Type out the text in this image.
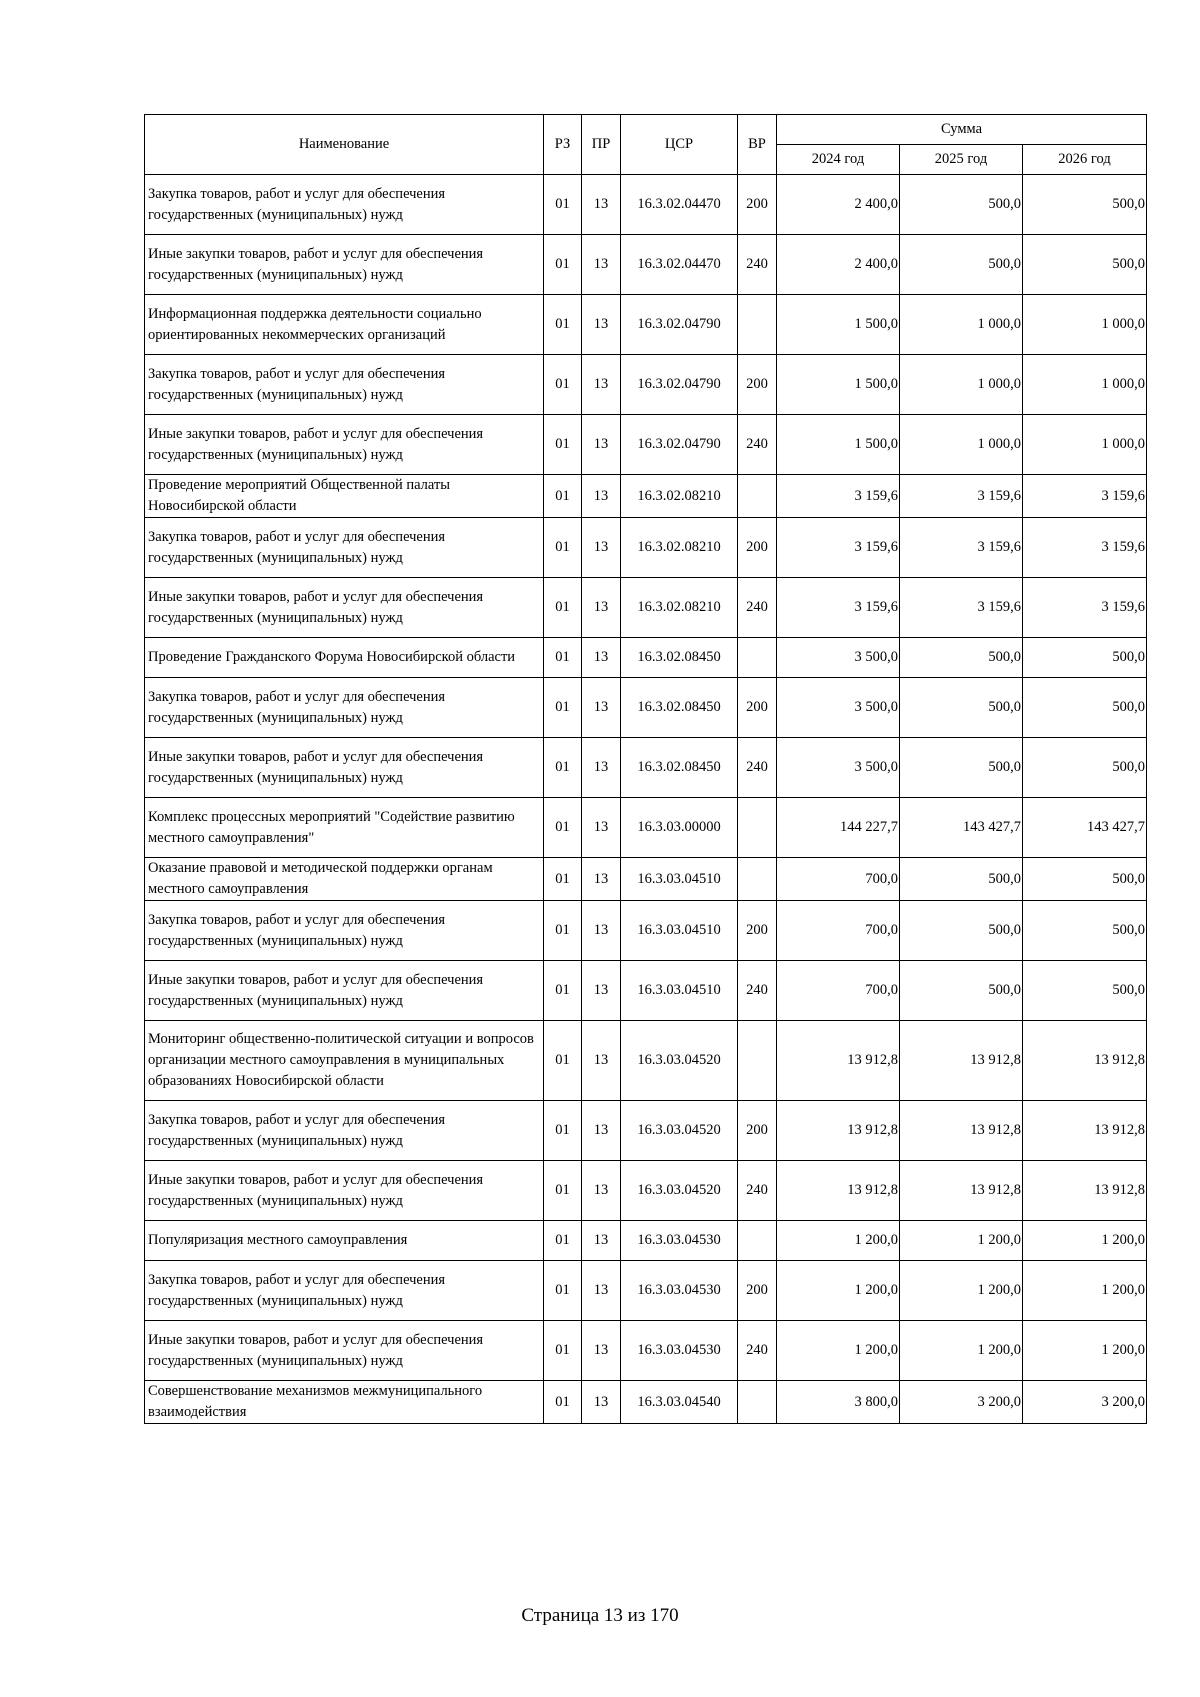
Наименование	РЗ	ПР	ЦСР	ВР	Сумма		
					2024 год	2025 год	2026 год
Закупка товаров, работ и услуг для обеспечения государственных (муниципальных) нужд	01	13	16.3.02.04470	200	2 400,0	500,0	500,0
Иные закупки товаров, работ и услуг для обеспечения государственных (муниципальных) нужд	01	13	16.3.02.04470	240	2 400,0	500,0	500,0
Информационная поддержка деятельности социально ориентированных некоммерческих организаций	01	13	16.3.02.04790		1 500,0	1 000,0	1 000,0
Закупка товаров, работ и услуг для обеспечения государственных (муниципальных) нужд	01	13	16.3.02.04790	200	1 500,0	1 000,0	1 000,0
Иные закупки товаров, работ и услуг для обеспечения государственных (муниципальных) нужд	01	13	16.3.02.04790	240	1 500,0	1 000,0	1 000,0
Проведение мероприятий Общественной палаты Новосибирской области	01	13	16.3.02.08210		3 159,6	3 159,6	3 159,6
Закупка товаров, работ и услуг для обеспечения государственных (муниципальных) нужд	01	13	16.3.02.08210	200	3 159,6	3 159,6	3 159,6
Иные закупки товаров, работ и услуг для обеспечения государственных (муниципальных) нужд	01	13	16.3.02.08210	240	3 159,6	3 159,6	3 159,6
Проведение Гражданского Форума Новосибирской области	01	13	16.3.02.08450		3 500,0	500,0	500,0
Закупка товаров, работ и услуг для обеспечения государственных (муниципальных) нужд	01	13	16.3.02.08450	200	3 500,0	500,0	500,0
Иные закупки товаров, работ и услуг для обеспечения государственных (муниципальных) нужд	01	13	16.3.02.08450	240	3 500,0	500,0	500,0
Комплекс процессных мероприятий "Содействие развитию местного самоуправления"	01	13	16.3.03.00000		144 227,7	143 427,7	143 427,7
Оказание правовой и методической поддержки органам местного самоуправления	01	13	16.3.03.04510		700,0	500,0	500,0
Закупка товаров, работ и услуг для обеспечения государственных (муниципальных) нужд	01	13	16.3.03.04510	200	700,0	500,0	500,0
Иные закупки товаров, работ и услуг для обеспечения государственных (муниципальных) нужд	01	13	16.3.03.04510	240	700,0	500,0	500,0
Мониторинг общественно-политической ситуации и вопросов организации местного самоуправления в муниципальных образованиях Новосибирской области	01	13	16.3.03.04520		13 912,8	13 912,8	13 912,8
Закупка товаров, работ и услуг для обеспечения государственных (муниципальных) нужд	01	13	16.3.03.04520	200	13 912,8	13 912,8	13 912,8
Иные закупки товаров, работ и услуг для обеспечения государственных (муниципальных) нужд	01	13	16.3.03.04520	240	13 912,8	13 912,8	13 912,8
Популяризация местного самоуправления	01	13	16.3.03.04530		1 200,0	1 200,0	1 200,0
Закупка товаров, работ и услуг для обеспечения государственных (муниципальных) нужд	01	13	16.3.03.04530	200	1 200,0	1 200,0	1 200,0
Иные закупки товаров, работ и услуг для обеспечения государственных (муниципальных) нужд	01	13	16.3.03.04530	240	1 200,0	1 200,0	1 200,0
Совершенствование механизмов межмуниципального взаимодействия	01	13	16.3.03.04540		3 800,0	3 200,0	3 200,0
Страница 13 из 170
